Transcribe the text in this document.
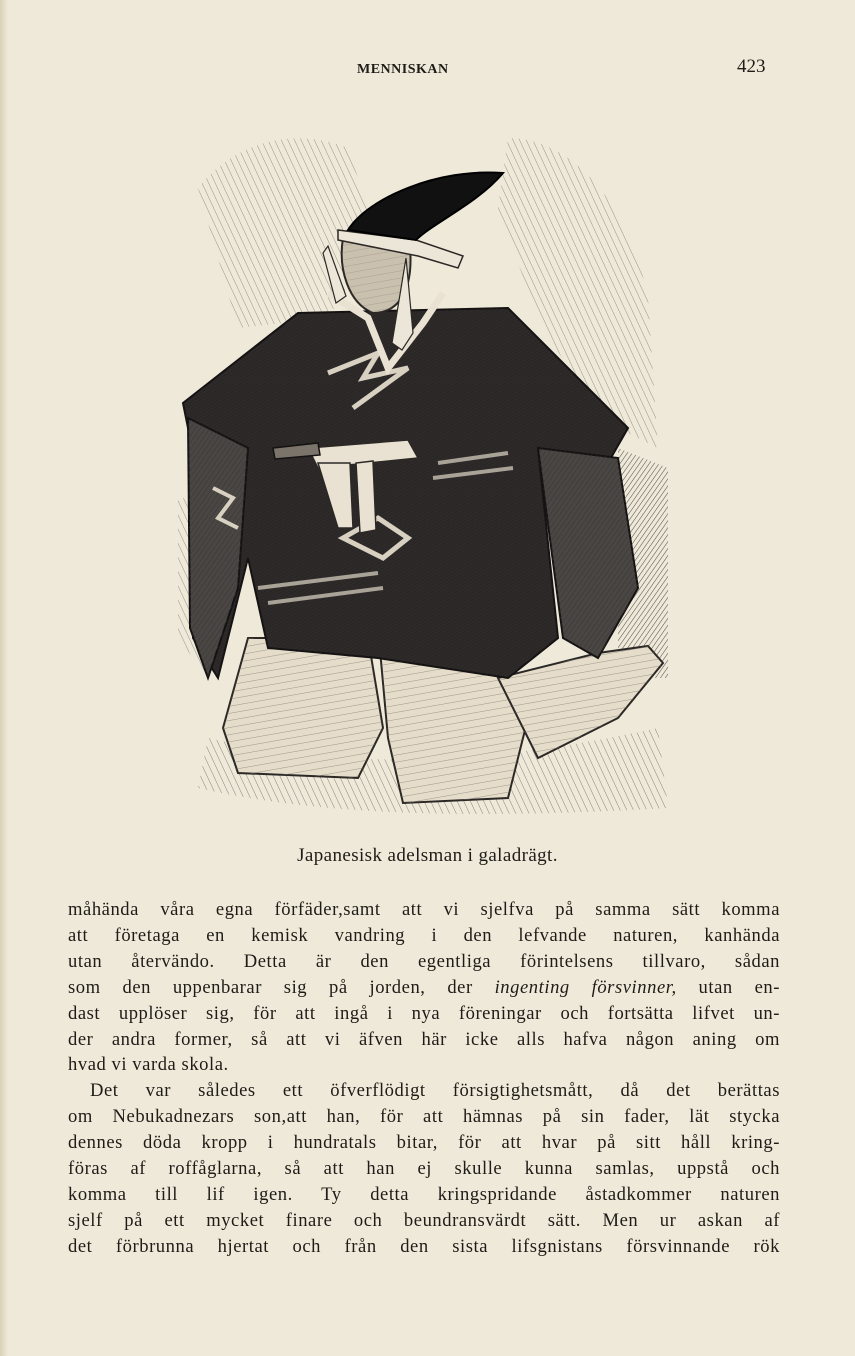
MENNISKAN	423
Japanesisk adelsman i galadrägt.

måhända våra egna förfäder,samt att vi sjelfva på samma sätt komma
att företaga en kemisk vandring i den lefvande naturen, kanhända
utan återvändo. Detta är den egentliga förintelsens tillvaro, sådan
som den uppenbarar sig på jorden, der ingenting försvinner, utan en-
dast upplöser sig, för att ingå i nya föreningar och fortsätta lifvet un-
der andra former, så att vi äfven här icke alls hafva någon aning om
hvad vi varda skola.

Det var således ett öfverflödigt försigtighetsmått, då det berättas
om Nebukadnezars son,att han, för att hämnas på sin fader, lät stycka
dennes döda kropp i hundratals bitar, för att hvar på sitt håll kring-
föras af roffåglarna, så att han ej skulle kunna samlas, uppstå och
komma till lif igen. Ty detta kringspridande åstadkommer naturen
sjelf på ett mycket finare och beundransvärdt sätt. Men ur askan af
det förbrunna hjertat och från den sista lifsgnistans försvinnande rök
